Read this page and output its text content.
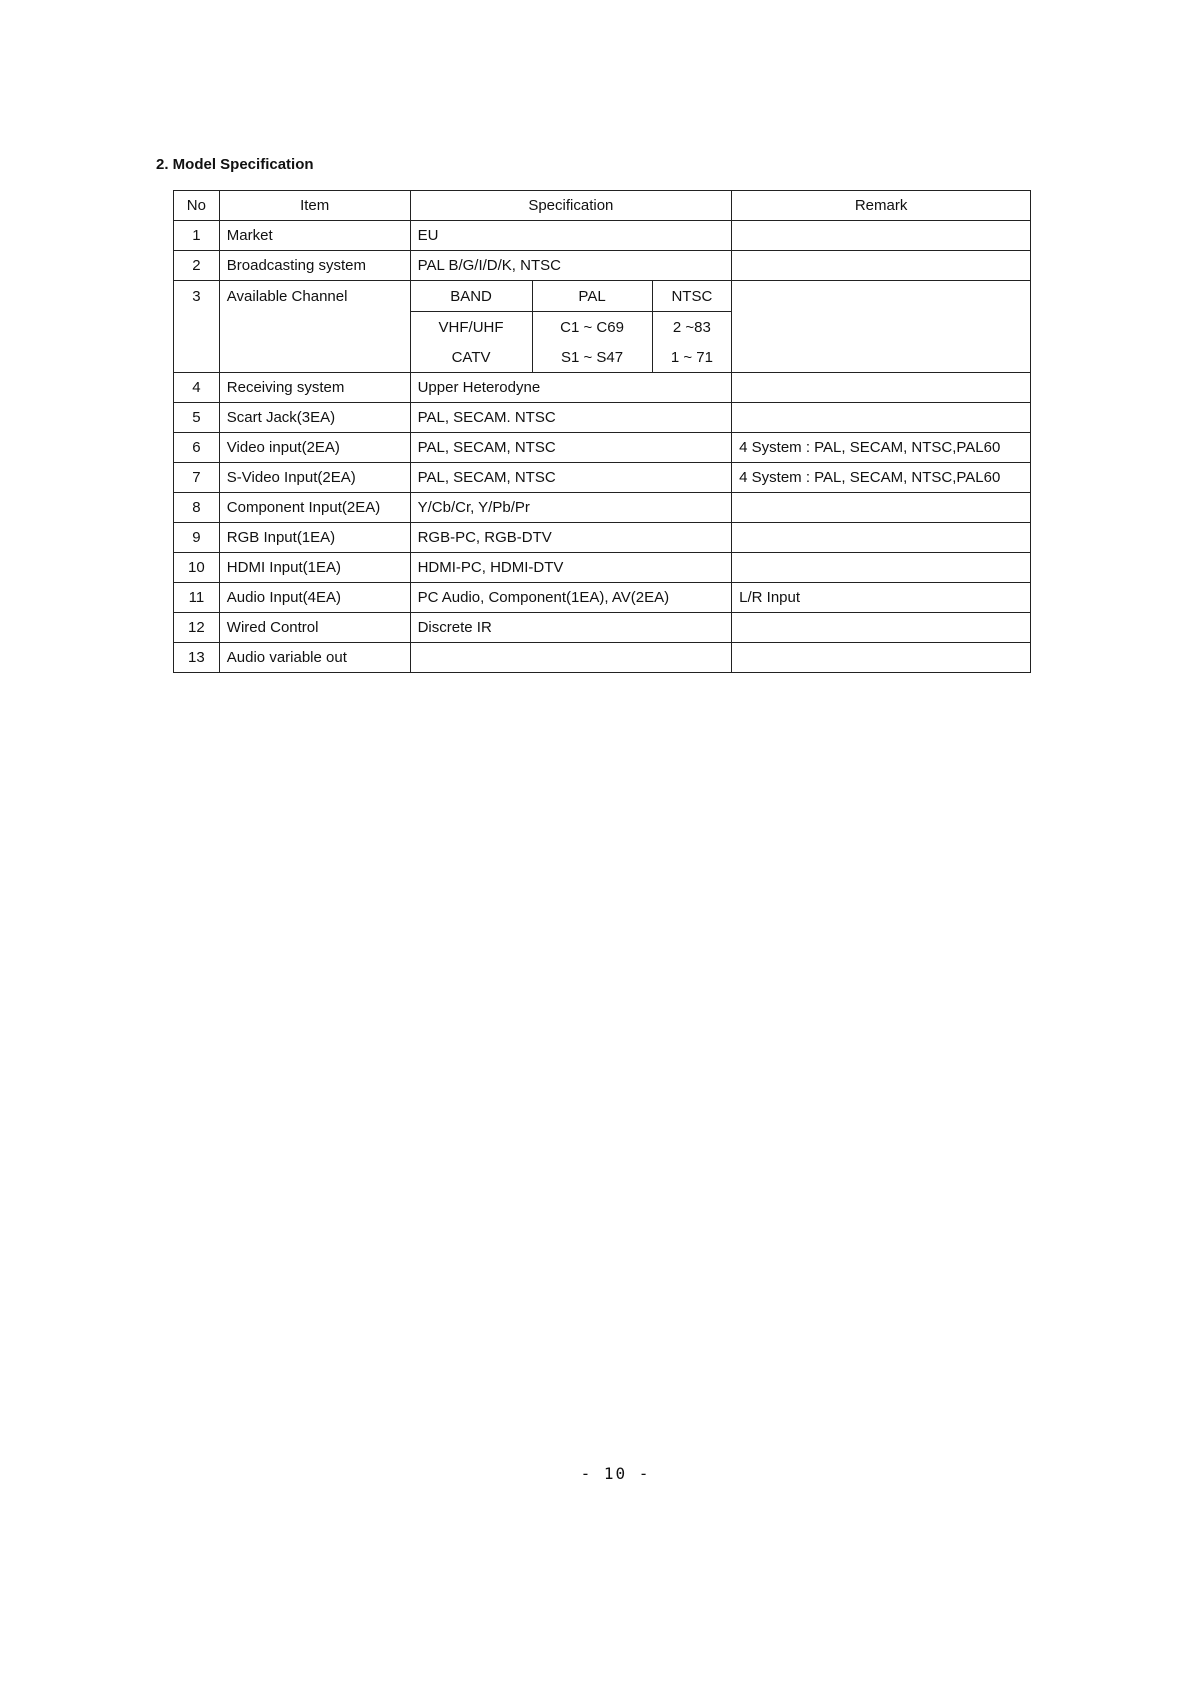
2. Model Specification
No	Item	Specification	Remark
1	Market	EU	
2	Broadcasting system	PAL B/G/I/D/K, NTSC	
3	Available Channel		BAND	PAL	NTSC
VHF/UHF	C1 ~ C69	2 ~83
CATV	S1 ~ S47	1 ~ 71

4	Receiving system	Upper Heterodyne	
5	Scart Jack(3EA)	PAL, SECAM. NTSC	
6	Video input(2EA)	PAL, SECAM, NTSC	4 System : PAL, SECAM, NTSC,PAL60
7	S-Video Input(2EA)	PAL, SECAM, NTSC	4 System : PAL, SECAM, NTSC,PAL60
8	Component Input(2EA)	Y/Cb/Cr, Y/Pb/Pr	
9	RGB Input(1EA)	RGB-PC, RGB-DTV	
10	HDMI Input(1EA)	HDMI-PC, HDMI-DTV	
11	Audio Input(4EA)	PC Audio, Component(1EA), AV(2EA)	L/R Input
12	Wired Control	Discrete IR	
13	Audio variable out		
- 10 -
